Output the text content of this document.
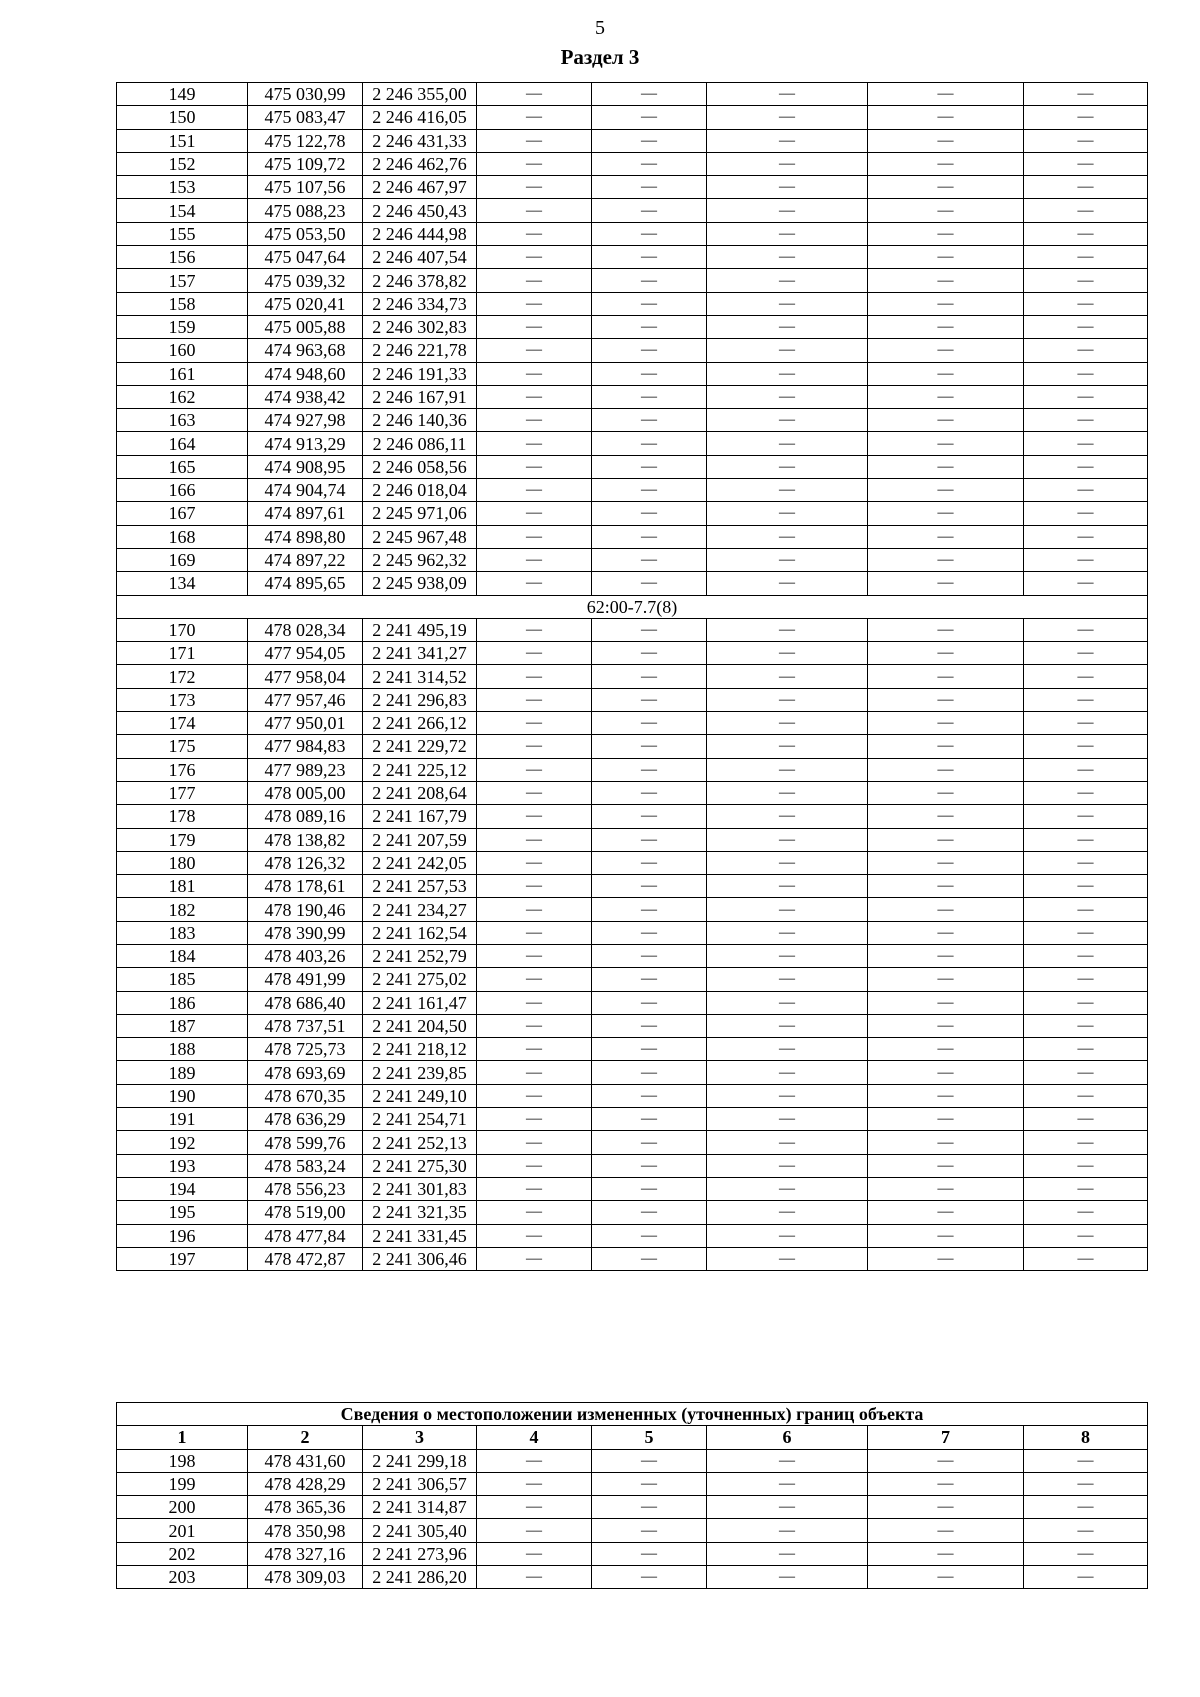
5
Раздел 3
149	475 030,99	2 246 355,00	—	—	—	—	—
150	475 083,47	2 246 416,05	—	—	—	—	—
151	475 122,78	2 246 431,33	—	—	—	—	—
152	475 109,72	2 246 462,76	—	—	—	—	—
153	475 107,56	2 246 467,97	—	—	—	—	—
154	475 088,23	2 246 450,43	—	—	—	—	—
155	475 053,50	2 246 444,98	—	—	—	—	—
156	475 047,64	2 246 407,54	—	—	—	—	—
157	475 039,32	2 246 378,82	—	—	—	—	—
158	475 020,41	2 246 334,73	—	—	—	—	—
159	475 005,88	2 246 302,83	—	—	—	—	—
160	474 963,68	2 246 221,78	—	—	—	—	—
161	474 948,60	2 246 191,33	—	—	—	—	—
162	474 938,42	2 246 167,91	—	—	—	—	—
163	474 927,98	2 246 140,36	—	—	—	—	—
164	474 913,29	2 246 086,11	—	—	—	—	—
165	474 908,95	2 246 058,56	—	—	—	—	—
166	474 904,74	2 246 018,04	—	—	—	—	—
167	474 897,61	2 245 971,06	—	—	—	—	—
168	474 898,80	2 245 967,48	—	—	—	—	—
169	474 897,22	2 245 962,32	—	—	—	—	—
134	474 895,65	2 245 938,09	—	—	—	—	—
62:00-7.7(8)							
170	478 028,34	2 241 495,19	—	—	—	—	—
171	477 954,05	2 241 341,27	—	—	—	—	—
172	477 958,04	2 241 314,52	—	—	—	—	—
173	477 957,46	2 241 296,83	—	—	—	—	—
174	477 950,01	2 241 266,12	—	—	—	—	—
175	477 984,83	2 241 229,72	—	—	—	—	—
176	477 989,23	2 241 225,12	—	—	—	—	—
177	478 005,00	2 241 208,64	—	—	—	—	—
178	478 089,16	2 241 167,79	—	—	—	—	—
179	478 138,82	2 241 207,59	—	—	—	—	—
180	478 126,32	2 241 242,05	—	—	—	—	—
181	478 178,61	2 241 257,53	—	—	—	—	—
182	478 190,46	2 241 234,27	—	—	—	—	—
183	478 390,99	2 241 162,54	—	—	—	—	—
184	478 403,26	2 241 252,79	—	—	—	—	—
185	478 491,99	2 241 275,02	—	—	—	—	—
186	478 686,40	2 241 161,47	—	—	—	—	—
187	478 737,51	2 241 204,50	—	—	—	—	—
188	478 725,73	2 241 218,12	—	—	—	—	—
189	478 693,69	2 241 239,85	—	—	—	—	—
190	478 670,35	2 241 249,10	—	—	—	—	—
191	478 636,29	2 241 254,71	—	—	—	—	—
192	478 599,76	2 241 252,13	—	—	—	—	—
193	478 583,24	2 241 275,30	—	—	—	—	—
194	478 556,23	2 241 301,83	—	—	—	—	—
195	478 519,00	2 241 321,35	—	—	—	—	—
196	478 477,84	2 241 331,45	—	—	—	—	—
197	478 472,87	2 241 306,46	—	—	—	—	—
Сведения о местоположении измененных (уточненных) границ объекта							
1	2	3	4	5	6	7	8
198	478 431,60	2 241 299,18	—	—	—	—	—
199	478 428,29	2 241 306,57	—	—	—	—	—
200	478 365,36	2 241 314,87	—	—	—	—	—
201	478 350,98	2 241 305,40	—	—	—	—	—
202	478 327,16	2 241 273,96	—	—	—	—	—
203	478 309,03	2 241 286,20	—	—	—	—	—
